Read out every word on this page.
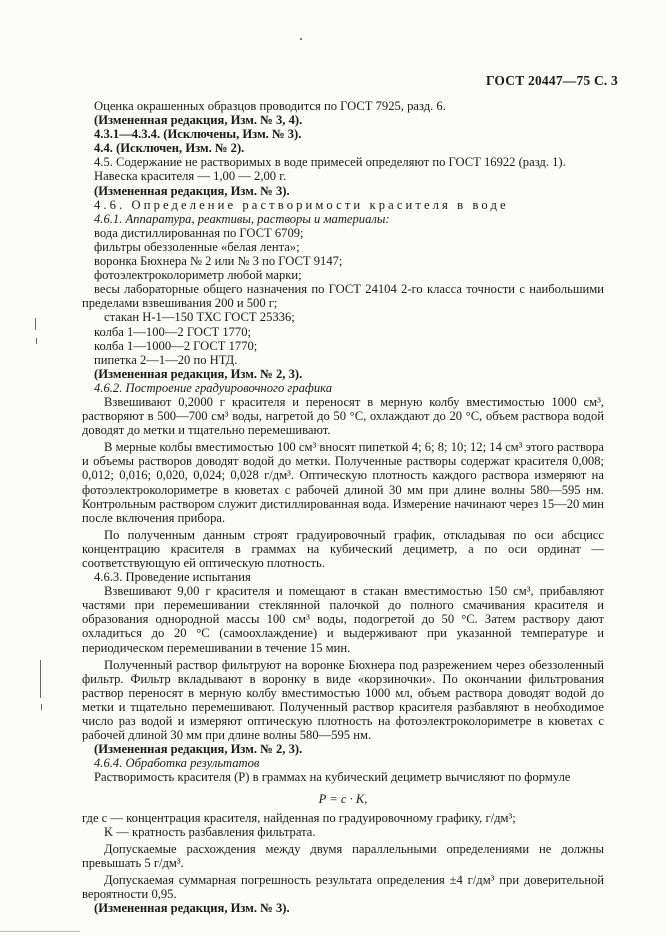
ГОСТ 20447—75 С. 3

Оценка окрашенных образцов проводится по ГОСТ 7925, разд. 6.

(Измененная редакция, Изм. № 3, 4).

4.3.1—4.3.4. (Исключены, Изм. № 3).

4.4. (Исключен, Изм. № 2).

4.5. Содержание не растворимых в воде примесей определяют по ГОСТ 16922 (разд. 1).

Навеска красителя — 1,00 — 2,00 г.

(Измененная редакция, Изм. № 3).

4.6. Определение растворимости красителя в воде

4.6.1. Аппаратура, реактивы, растворы и материалы:

вода дистиллированная по ГОСТ 6709;

фильтры обеззоленные «белая лента»;

воронка Бюхнера № 2 или № 3 по ГОСТ 9147;

фотоэлектроколориметр любой марки;

весы лабораторные общего назначения по ГОСТ 24104 2-го класса точности с наибольшими пределами взвешивания 200 и 500 г;

стакан Н-1—150 ТХС ГОСТ 25336;

колба 1—100—2 ГОСТ 1770;

колба 1—1000—2 ГОСТ 1770;

пипетка 2—1—20 по НТД.

(Измененная редакция, Изм. № 2, 3).

4.6.2. Построение градуировочного графика

Взвешивают 0,2000 г красителя и переносят в мерную колбу вместимостью 1000 см³, растворяют в 500—700 см³ воды, нагретой до 50 °С, охлаждают до 20 °С, объем раствора водой доводят до метки и тщательно перемешивают.

В мерные колбы вместимостью 100 см³ вносят пипеткой 4; 6; 8; 10; 12; 14 см³ этого раствора и объемы растворов доводят водой до метки. Полученные растворы содержат красителя 0,008; 0,012; 0,016; 0,020, 0,024; 0,028 г/дм³. Оптическую плотность каждого раствора измеряют на фотоэлектроколориметре в кюветах с рабочей длиной 30 мм при длине волны 580—595 нм. Контрольным раствором служит дистиллированная вода. Измерение начинают через 15—20 мин после включения прибора.

По полученным данным строят градуировочный график, откладывая по оси абсцисс концентрацию красителя в граммах на кубический дециметр, а по оси ординат — соответствующую ей оптическую плотность.

4.6.3. Проведение испытания

Взвешивают 9,00 г красителя и помещают в стакан вместимостью 150 см³, прибавляют частями при перемешивании стеклянной палочкой до полного смачивания красителя и образования однородной массы 100 см³ воды, подогретой до 50 °С. Затем раствору дают охладиться до 20 °С (самоохлаждение) и выдерживают при указанной температуре и периодическом перемешивании в течение 15 мин.

Полученный раствор фильтруют на воронке Бюхнера под разрежением через обеззоленный фильтр. Фильтр вкладывают в воронку в виде «корзиночки». По окончании фильтрования раствор переносят в мерную колбу вместимостью 1000 мл, объем раствора доводят водой до метки и тщательно перемешивают. Полученный раствор красителя разбавляют в необходимое число раз водой и измеряют оптическую плотность на фотоэлектроколориметре в кюветах с рабочей длиной 30 мм при длине волны 580—595 нм.

(Измененная редакция, Изм. № 2, 3).

4.6.4. Обработка результатов

Растворимость красителя (Р) в граммах на кубический дециметр вычисляют по формуле

P = c · K,

где c — концентрация красителя, найденная по градуировочному графику, г/дм³;

K — кратность разбавления фильтрата.

Допускаемые расхождения между двумя параллельными определениями не должны превышать 5 г/дм³.

Допускаемая суммарная погрешность результата определения ±4 г/дм³ при доверительной вероятности 0,95.

(Измененная редакция, Изм. № 3).
